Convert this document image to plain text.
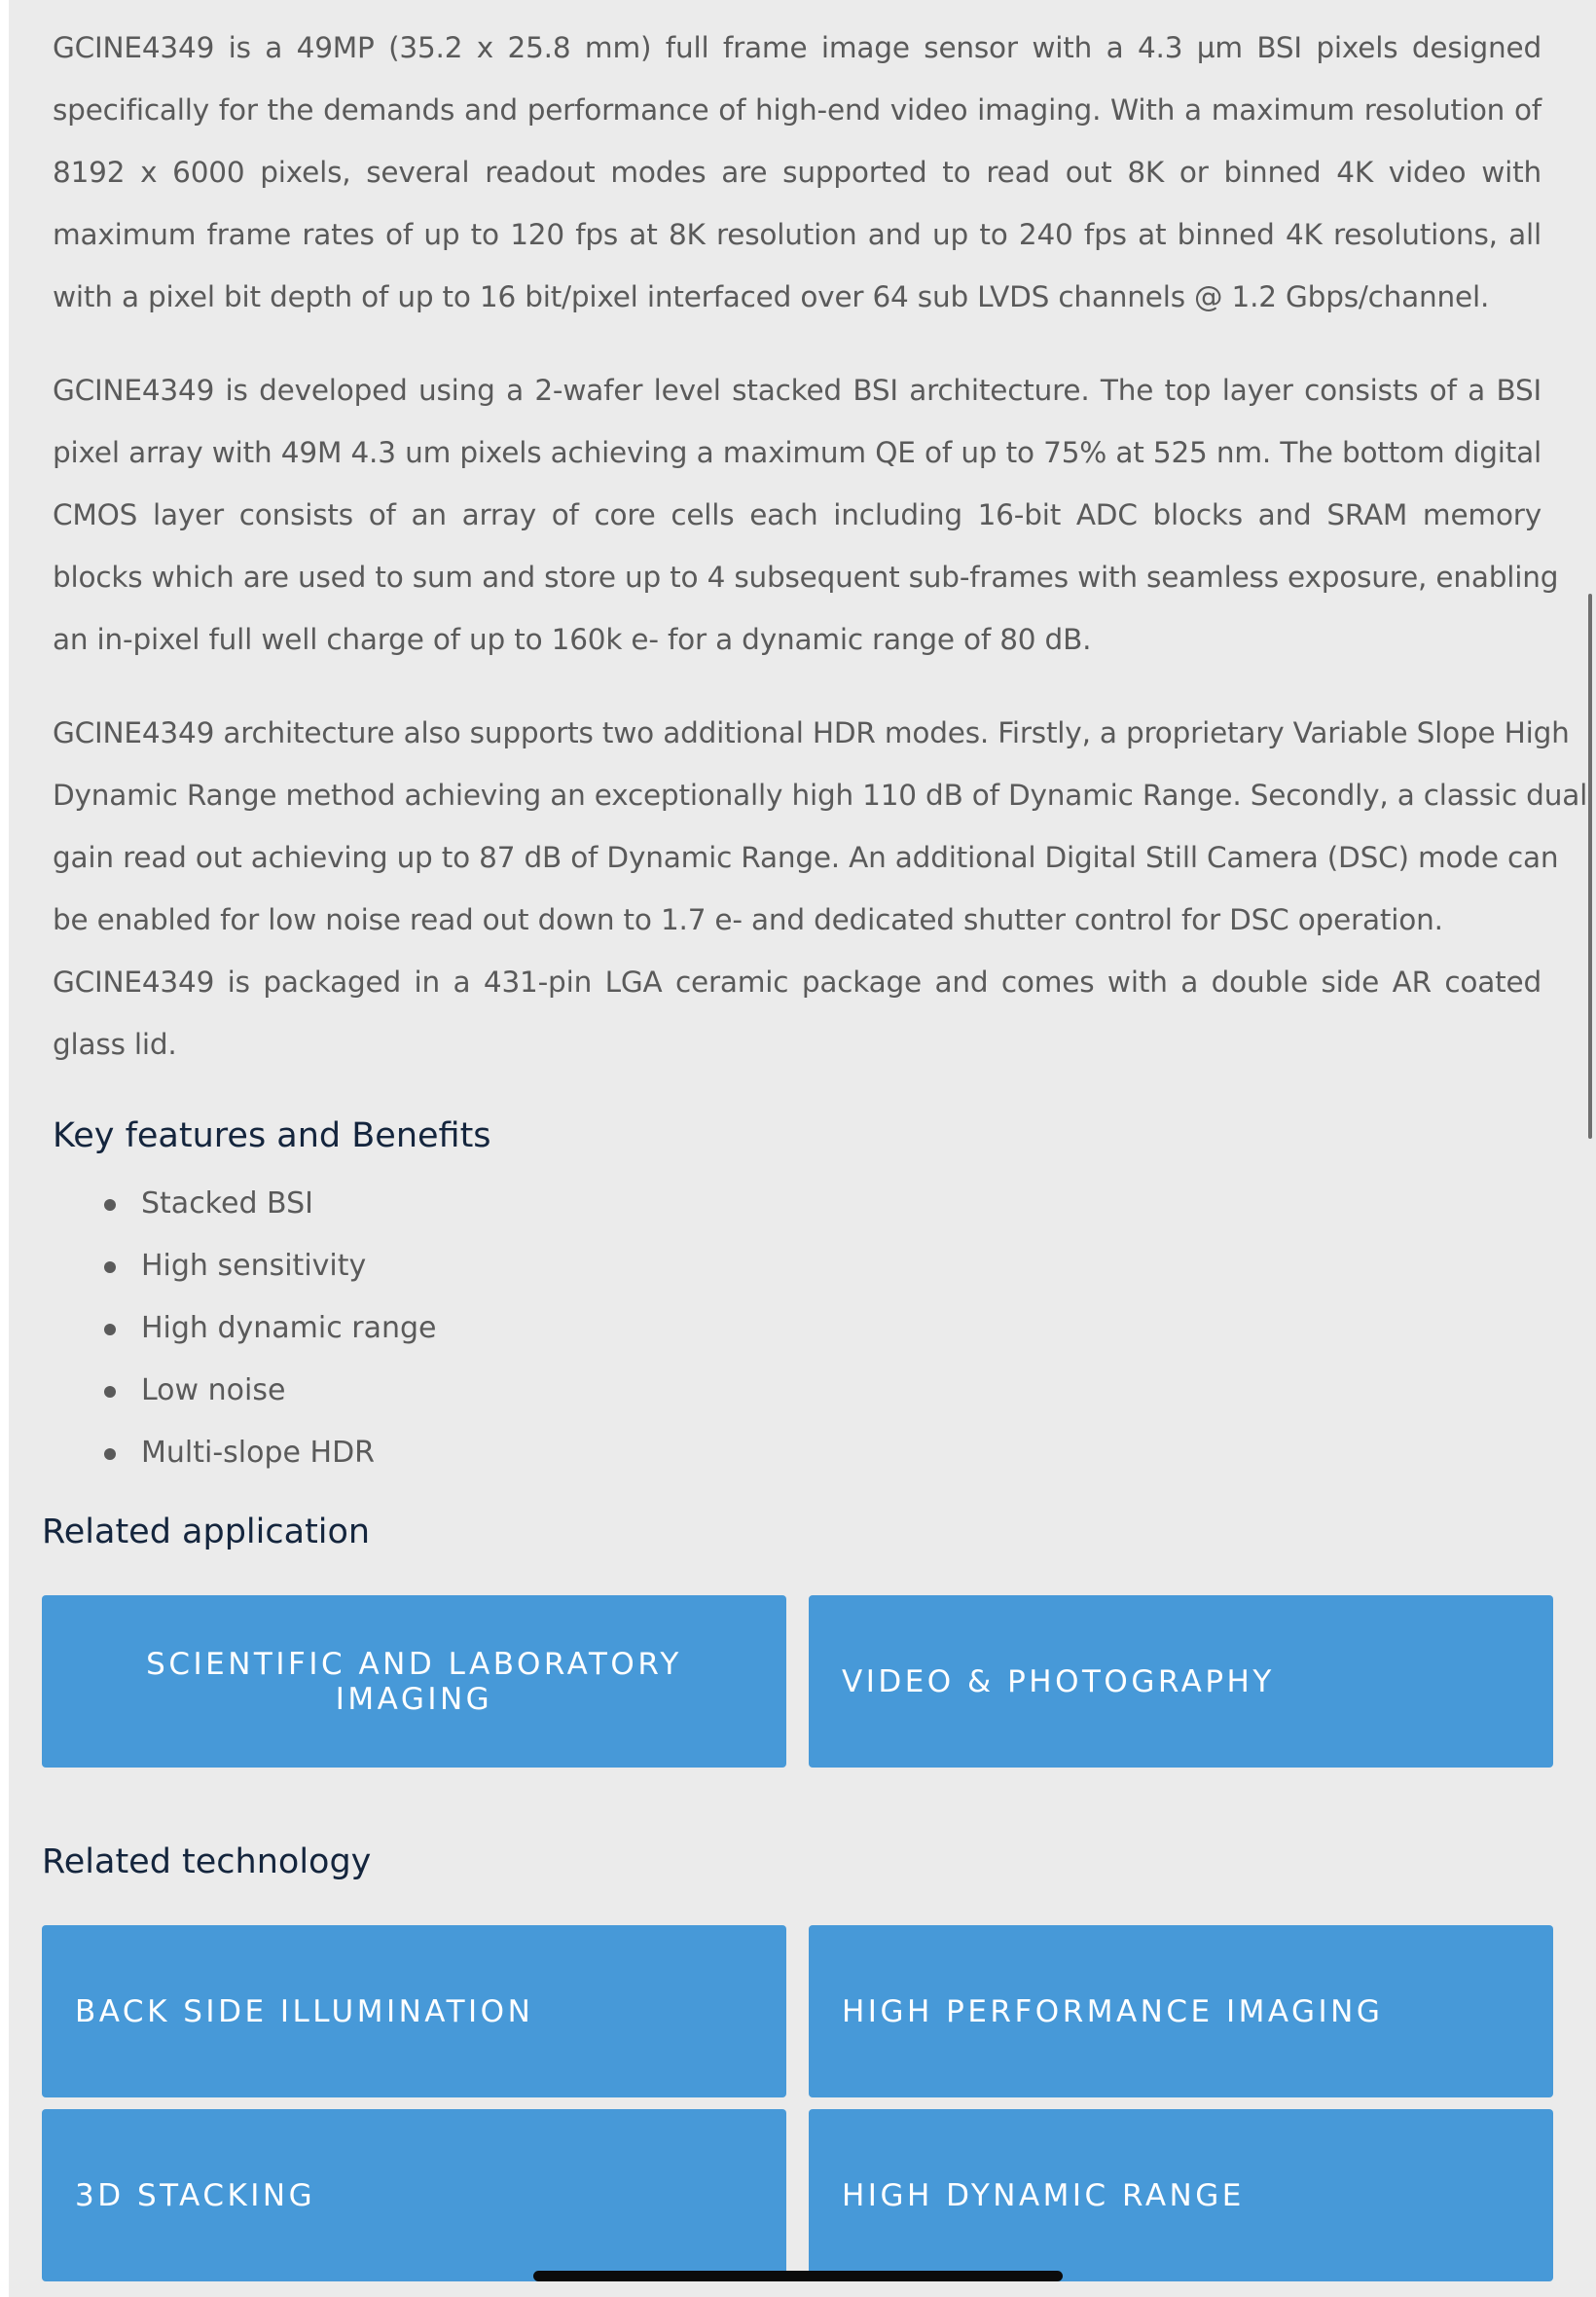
GCINE4349 is a 49MP (35.2 x 25.8 mm) full frame image sensor with a 4.3 µm BSI pixels designed
specifically for the demands and performance of high-end video imaging. With a maximum resolution of
8192 x 6000 pixels, several readout modes are supported to read out 8K or binned 4K video with
maximum frame rates of up to 120 fps at 8K resolution and up to 240 fps at binned 4K resolutions, all
with a pixel bit depth of up to 16 bit/pixel interfaced over 64 sub LVDS channels @ 1.2 Gbps/channel.

GCINE4349 is developed using a 2-wafer level stacked BSI architecture. The top layer consists of a BSI
pixel array with 49M 4.3 um pixels achieving a maximum QE of up to 75% at 525 nm. The bottom digital
CMOS layer consists of an array of core cells each including 16-bit ADC blocks and SRAM memory
blocks which are used to sum and store up to 4 subsequent sub-frames with seamless exposure, enabling
an in-pixel full well charge of up to 160k e- for a dynamic range of 80 dB.

GCINE4349 architecture also supports two additional HDR modes. Firstly, a proprietary Variable Slope High
Dynamic Range method achieving an exceptionally high 110 dB of Dynamic Range. Secondly, a classic dual
gain read out achieving up to 87 dB of Dynamic Range. An additional Digital Still Camera (DSC) mode can
be enabled for low noise read out down to 1.7 e- and dedicated shutter control for DSC operation.
GCINE4349 is packaged in a 431-pin LGA ceramic package and comes with a double side AR coated
glass lid.

Key features and Benefits
Stacked BSI
High sensitivity
High dynamic range
Low noise
Multi-slope HDR
Related application
SCIENTIFIC AND LABORATORY IMAGING	VIDEO & PHOTOGRAPHY
Related technology
BACK SIDE ILLUMINATION	HIGH PERFORMANCE IMAGING
3D STACKING	HIGH DYNAMIC RANGE
